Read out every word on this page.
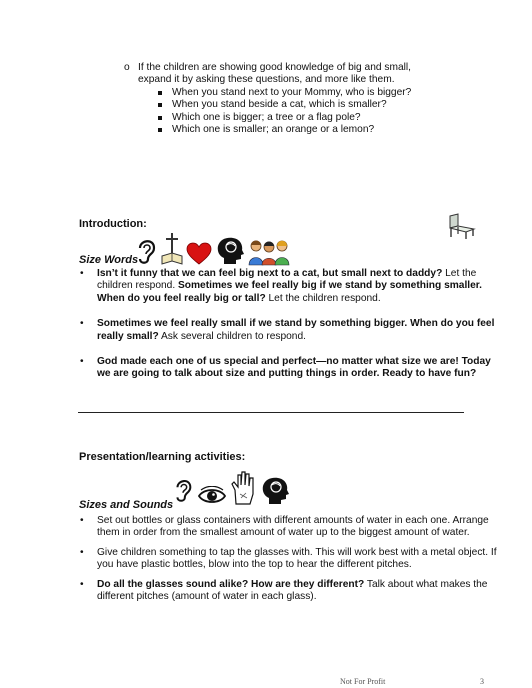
o If the children are showing good knowledge of big and small, expand it by asking these questions, and more like them.
When you stand next to your Mommy, who is bigger?
When you stand beside a cat, which is smaller?
Which one is bigger; a tree or a flag pole?
Which one is smaller; an orange or a lemon?
Introduction:
Size Words
• Isn’t it funny that we can feel big next to a cat, but small next to daddy? Let the children respond. Sometimes we feel really big if we stand by something smaller. When do you feel really big or tall? Let the children respond.
• Sometimes we feel really small if we stand by something bigger. When do you feel really small? Ask several children to respond.
• God made each one of us special and perfect—no matter what size we are! Today we are going to talk about size and putting things in order. Ready to have fun?
Presentation/learning activities:
Sizes and Sounds
• Set out bottles or glass containers with different amounts of water in each one. Arrange them in order from the smallest amount of water up to the biggest amount of water.
• Give children something to tap the glasses with. This will work best with a metal object. If you have plastic bottles, blow into the top to hear the different pitches.
• Do all the glasses sound alike? How are they different? Talk about what makes the different pitches (amount of water in each glass).
Not For Profit	3
